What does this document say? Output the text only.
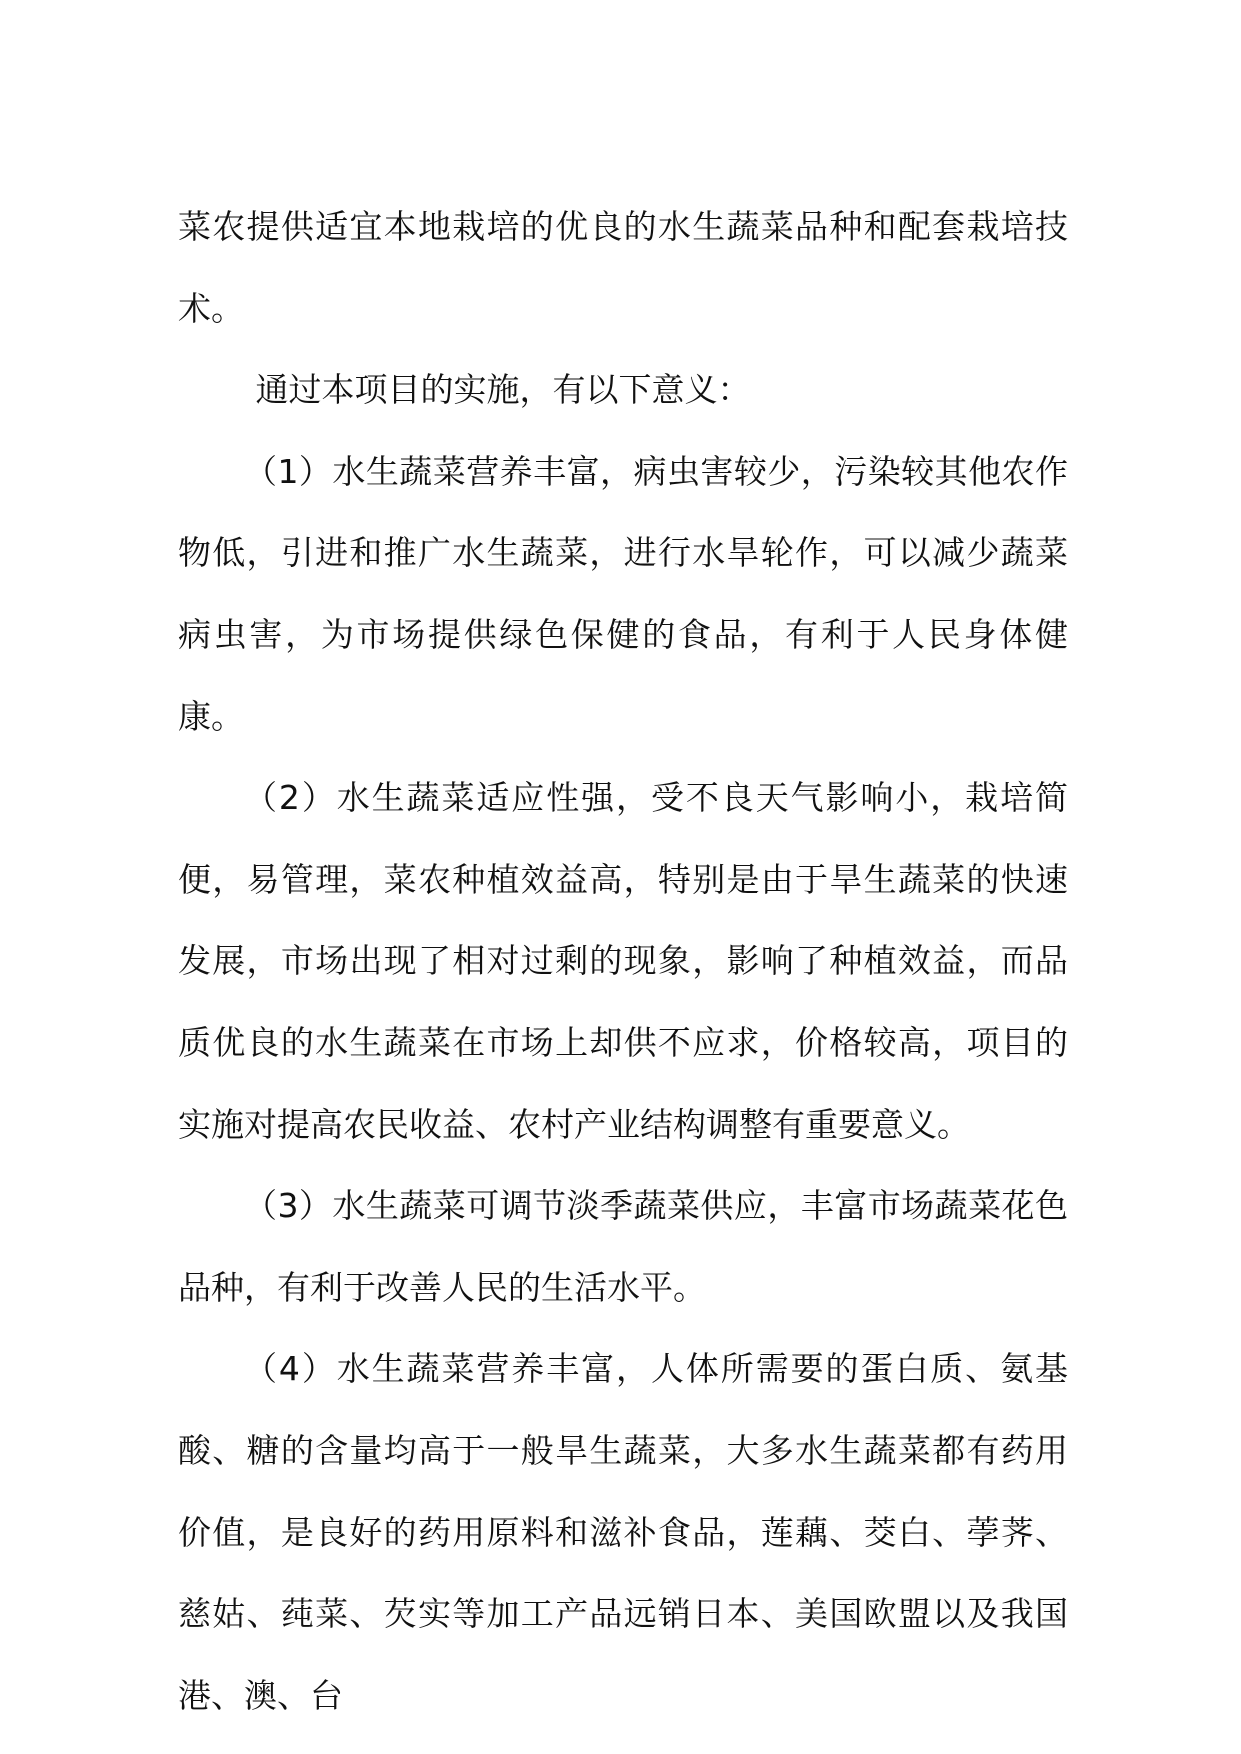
菜农提供适宜本地栽培的优良的水生蔬菜品种和配套栽培技术。

通过本项目的实施，有以下意义：

（1）水生蔬菜营养丰富，病虫害较少，污染较其他农作物低，引进和推广水生蔬菜，进行水旱轮作，可以减少蔬菜病虫害，为市场提供绿色保健的食品，有利于人民身体健康。

（2）水生蔬菜适应性强，受不良天气影响小，栽培简便，易管理，菜农种植效益高，特别是由于旱生蔬菜的快速发展，市场出现了相对过剩的现象，影响了种植效益，而品质优良的水生蔬菜在市场上却供不应求，价格较高，项目的实施对提高农民收益、农村产业结构调整有重要意义。

（3）水生蔬菜可调节淡季蔬菜供应，丰富市场蔬菜花色品种，有利于改善人民的生活水平。

（4）水生蔬菜营养丰富，人体所需要的蛋白质、氨基酸、糖的含量均高于一般旱生蔬菜，大多水生蔬菜都有药用价值，是良好的药用原料和滋补食品，莲藕、茭白、荸荠、慈姑、莼菜、芡实等加工产品远销日本、美国欧盟以及我国港、澳、台
